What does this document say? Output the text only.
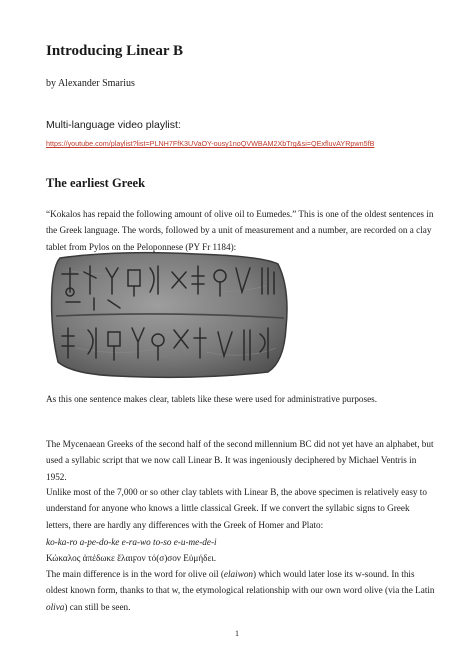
Introducing Linear B
by Alexander Smarius
Multi-language video playlist:
https://youtube.com/playlist?list=PLNH7FfK3UVaOY-ousy1noQVWBAM2XbTrg&si=QExfluvAYRpwn5fB
The earliest Greek

“Kokalos has repaid the following amount of olive oil to Eumedes.” This is one of the oldest sentences in the Greek language. The words, followed by a unit of measurement and a number, are recorded on a clay tablet from Pylos on the Peloponnese (PY Fr 1184):

As this one sentence makes clear, tablets like these were used for administrative purposes.

The Mycenaean Greeks of the second half of the second millennium BC did not yet have an alphabet, but used a syllabic script that we now call Linear B. It was ingeniously deciphered by Michael Ventris in 1952.

Unlike most of the 7,000 or so other clay tablets with Linear B, the above specimen is relatively easy to understand for anyone who knows a little classical Greek. If we convert the syllabic signs to Greek letters, there are hardly any differences with the Greek of Homer and Plato:

ko-ka-ro a-pe-do-ke e-ra-wo to-so e-u-me-de-i
Κώκαλος ἀπέδωκε ἔλαιϝον τό(σ)σον Εὐμήδει.

The main difference is in the word for olive oil (elaiwon) which would later lose its w-sound. In this oldest known form, thanks to that w, the etymological relationship with our own word olive (via the Latin oliva) can still be seen.

1
